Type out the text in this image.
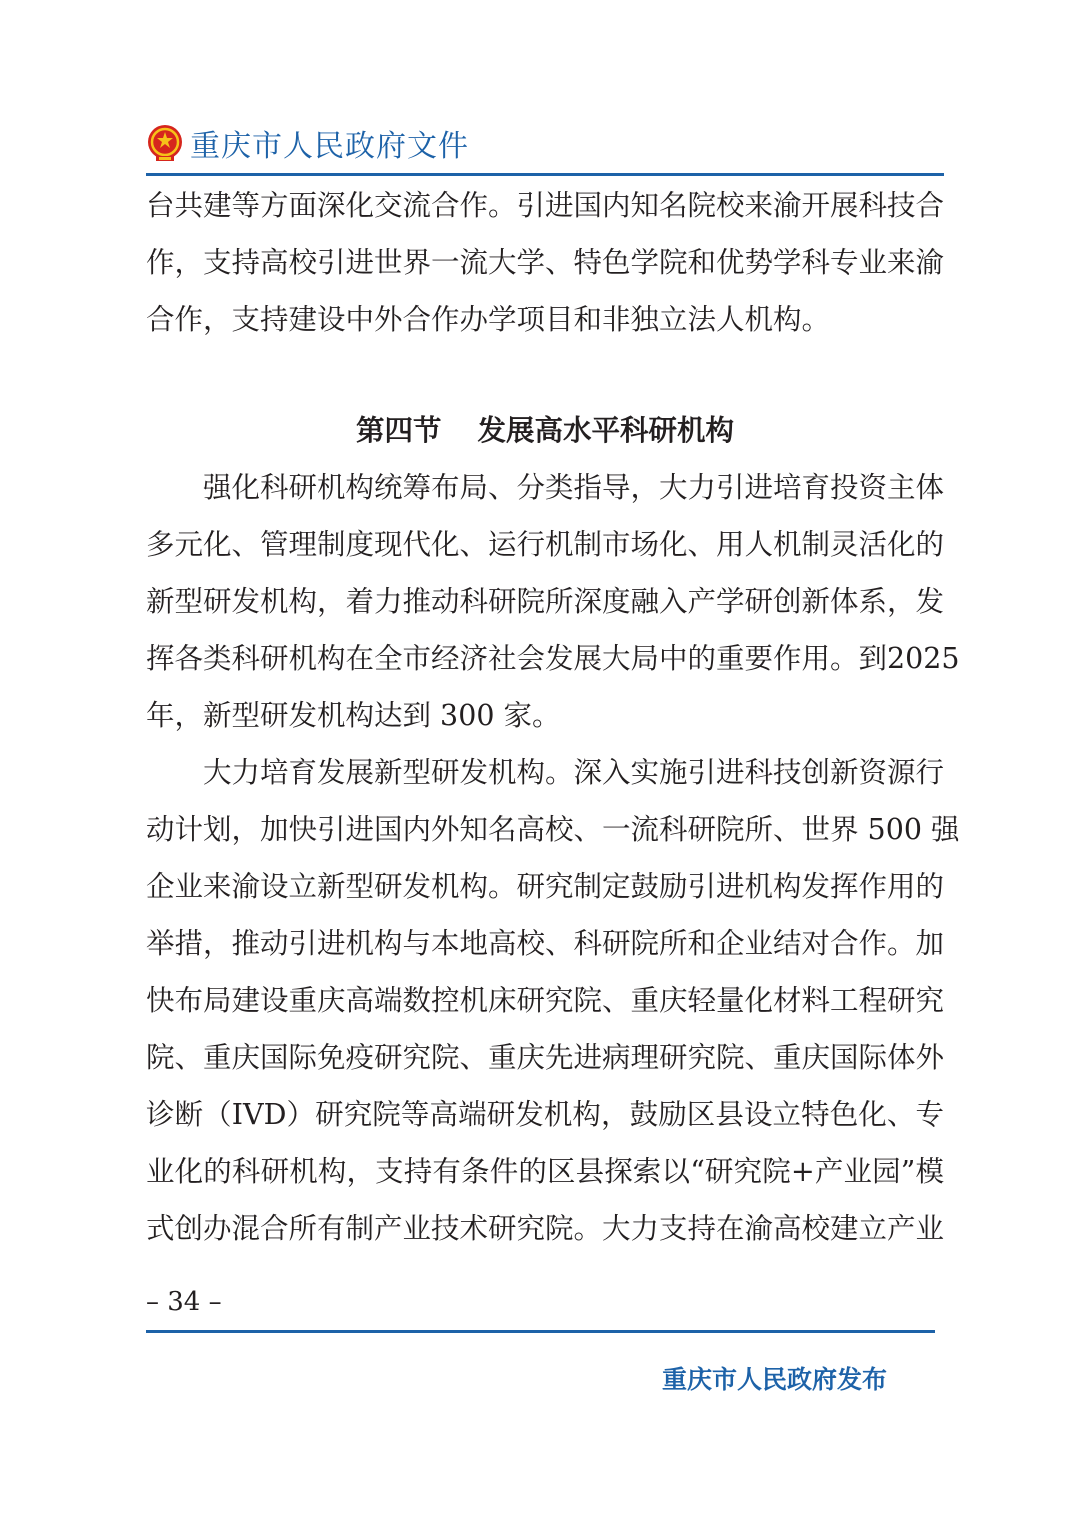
重庆市人民政府文件
台共建等方面深化交流合作。引进国内知名院校来渝开展科技合
作，支持高校引进世界一流大学、特色学院和优势学科专业来渝
合作，支持建设中外合作办学项目和非独立法人机构。
第四节 发展高水平科研机构
强化科研机构统筹布局、分类指导，大力引进培育投资主体
多元化、管理制度现代化、运行机制市场化、用人机制灵活化的
新型研发机构，着力推动科研院所深度融入产学研创新体系，发
挥各类科研机构在全市经济社会发展大局中的重要作用。到2025
年，新型研发机构达到 300 家。
大力培育发展新型研发机构。深入实施引进科技创新资源行
动计划，加快引进国内外知名高校、一流科研院所、世界 500 强
企业来渝设立新型研发机构。研究制定鼓励引进机构发挥作用的
举措，推动引进机构与本地高校、科研院所和企业结对合作。加
快布局建设重庆高端数控机床研究院、重庆轻量化材料工程研究
院、重庆国际免疫研究院、重庆先进病理研究院、重庆国际体外
诊断（IVD）研究院等高端研发机构，鼓励区县设立特色化、专
业化的科研机构，支持有条件的区县探索以“研究院+产业园”模
式创办混合所有制产业技术研究院。大力支持在渝高校建立产业
– 34 –
重庆市人民政府发布
